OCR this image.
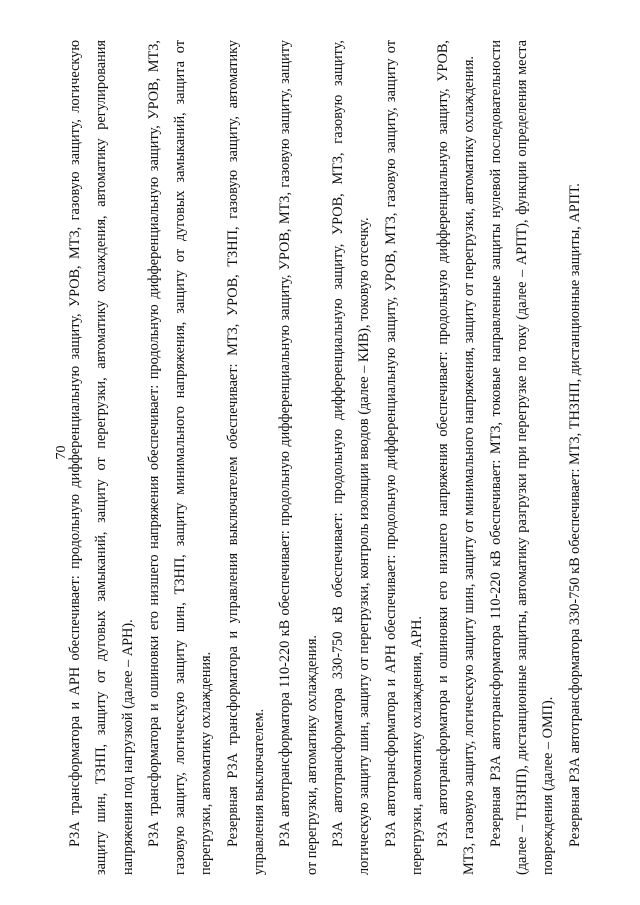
70

РЗА трансформатора и АРН обеспечивает: продольную дифференциальную защиту, УРОВ, МТЗ, газовую защиту, логическую защиту шин, ТЗНП, защиту от дуговых замыканий, защиту от перегрузки, автоматику охлаждения, автоматику регулирования напряжения под нагрузкой (далее – АРН). РЗА трансформатора и ошиновки его низшего напряжения обеспечивает: продольную дифференциальную защиту, УРОВ, МТЗ, газовую защиту, логическую защиту шин, ТЗНП, защиту минимального напряжения, защиту от дуговых замыканий, защита от перегрузки, автоматику охлаждения. Резервная РЗА трансформатора и управления выключателем обеспечивает: МТЗ, УРОВ, ТЗНП, газовую защиту, автоматику управления выключателем. РЗА автотрансформатора 110-220 кВ обеспечивает: продольную дифференциальную защиту, УРОВ, МТЗ, газовую защиту, защиту от перегрузки, автоматику охлаждения. РЗА автотрансформатора 330-750 кВ обеспечивает: продольную дифференциальную защиту, УРОВ, МТЗ, газовую защиту, логическую защиту шин, защиту от перегрузки, контроль изоляции вводов (далее – КИВ), токовую отсечку. РЗА автотрансформатора и АРН обеспечивает: продольную дифференциальную защиту, УРОВ, МТЗ, газовую защиту, защиту от перегрузки, автоматику охлаждения, АРН. РЗА автотрансформатора и ошиновки его низшего напряжения обеспечивает: продольную дифференциальную защиту, УРОВ, МТЗ, газовую защиту, логическую защиту шин, защиту от минимального напряжения, защиту от перегрузки, автоматику охлаждения. Резервная РЗА автотрансформатора 110-220 кВ обеспечивает: МТЗ, токовые направленные защиты нулевой последовательности (далее – ТНЗНП), дистанционные защиты, автоматику разгрузки при перегрузке по току (далее – АРПТ), функции определения места повреждения (далее – ОМП). Резервная РЗА автотрансформатора 330-750 кВ обеспечивает: МТЗ, ТНЗНП, дистанционные защиты, АРПТ.
